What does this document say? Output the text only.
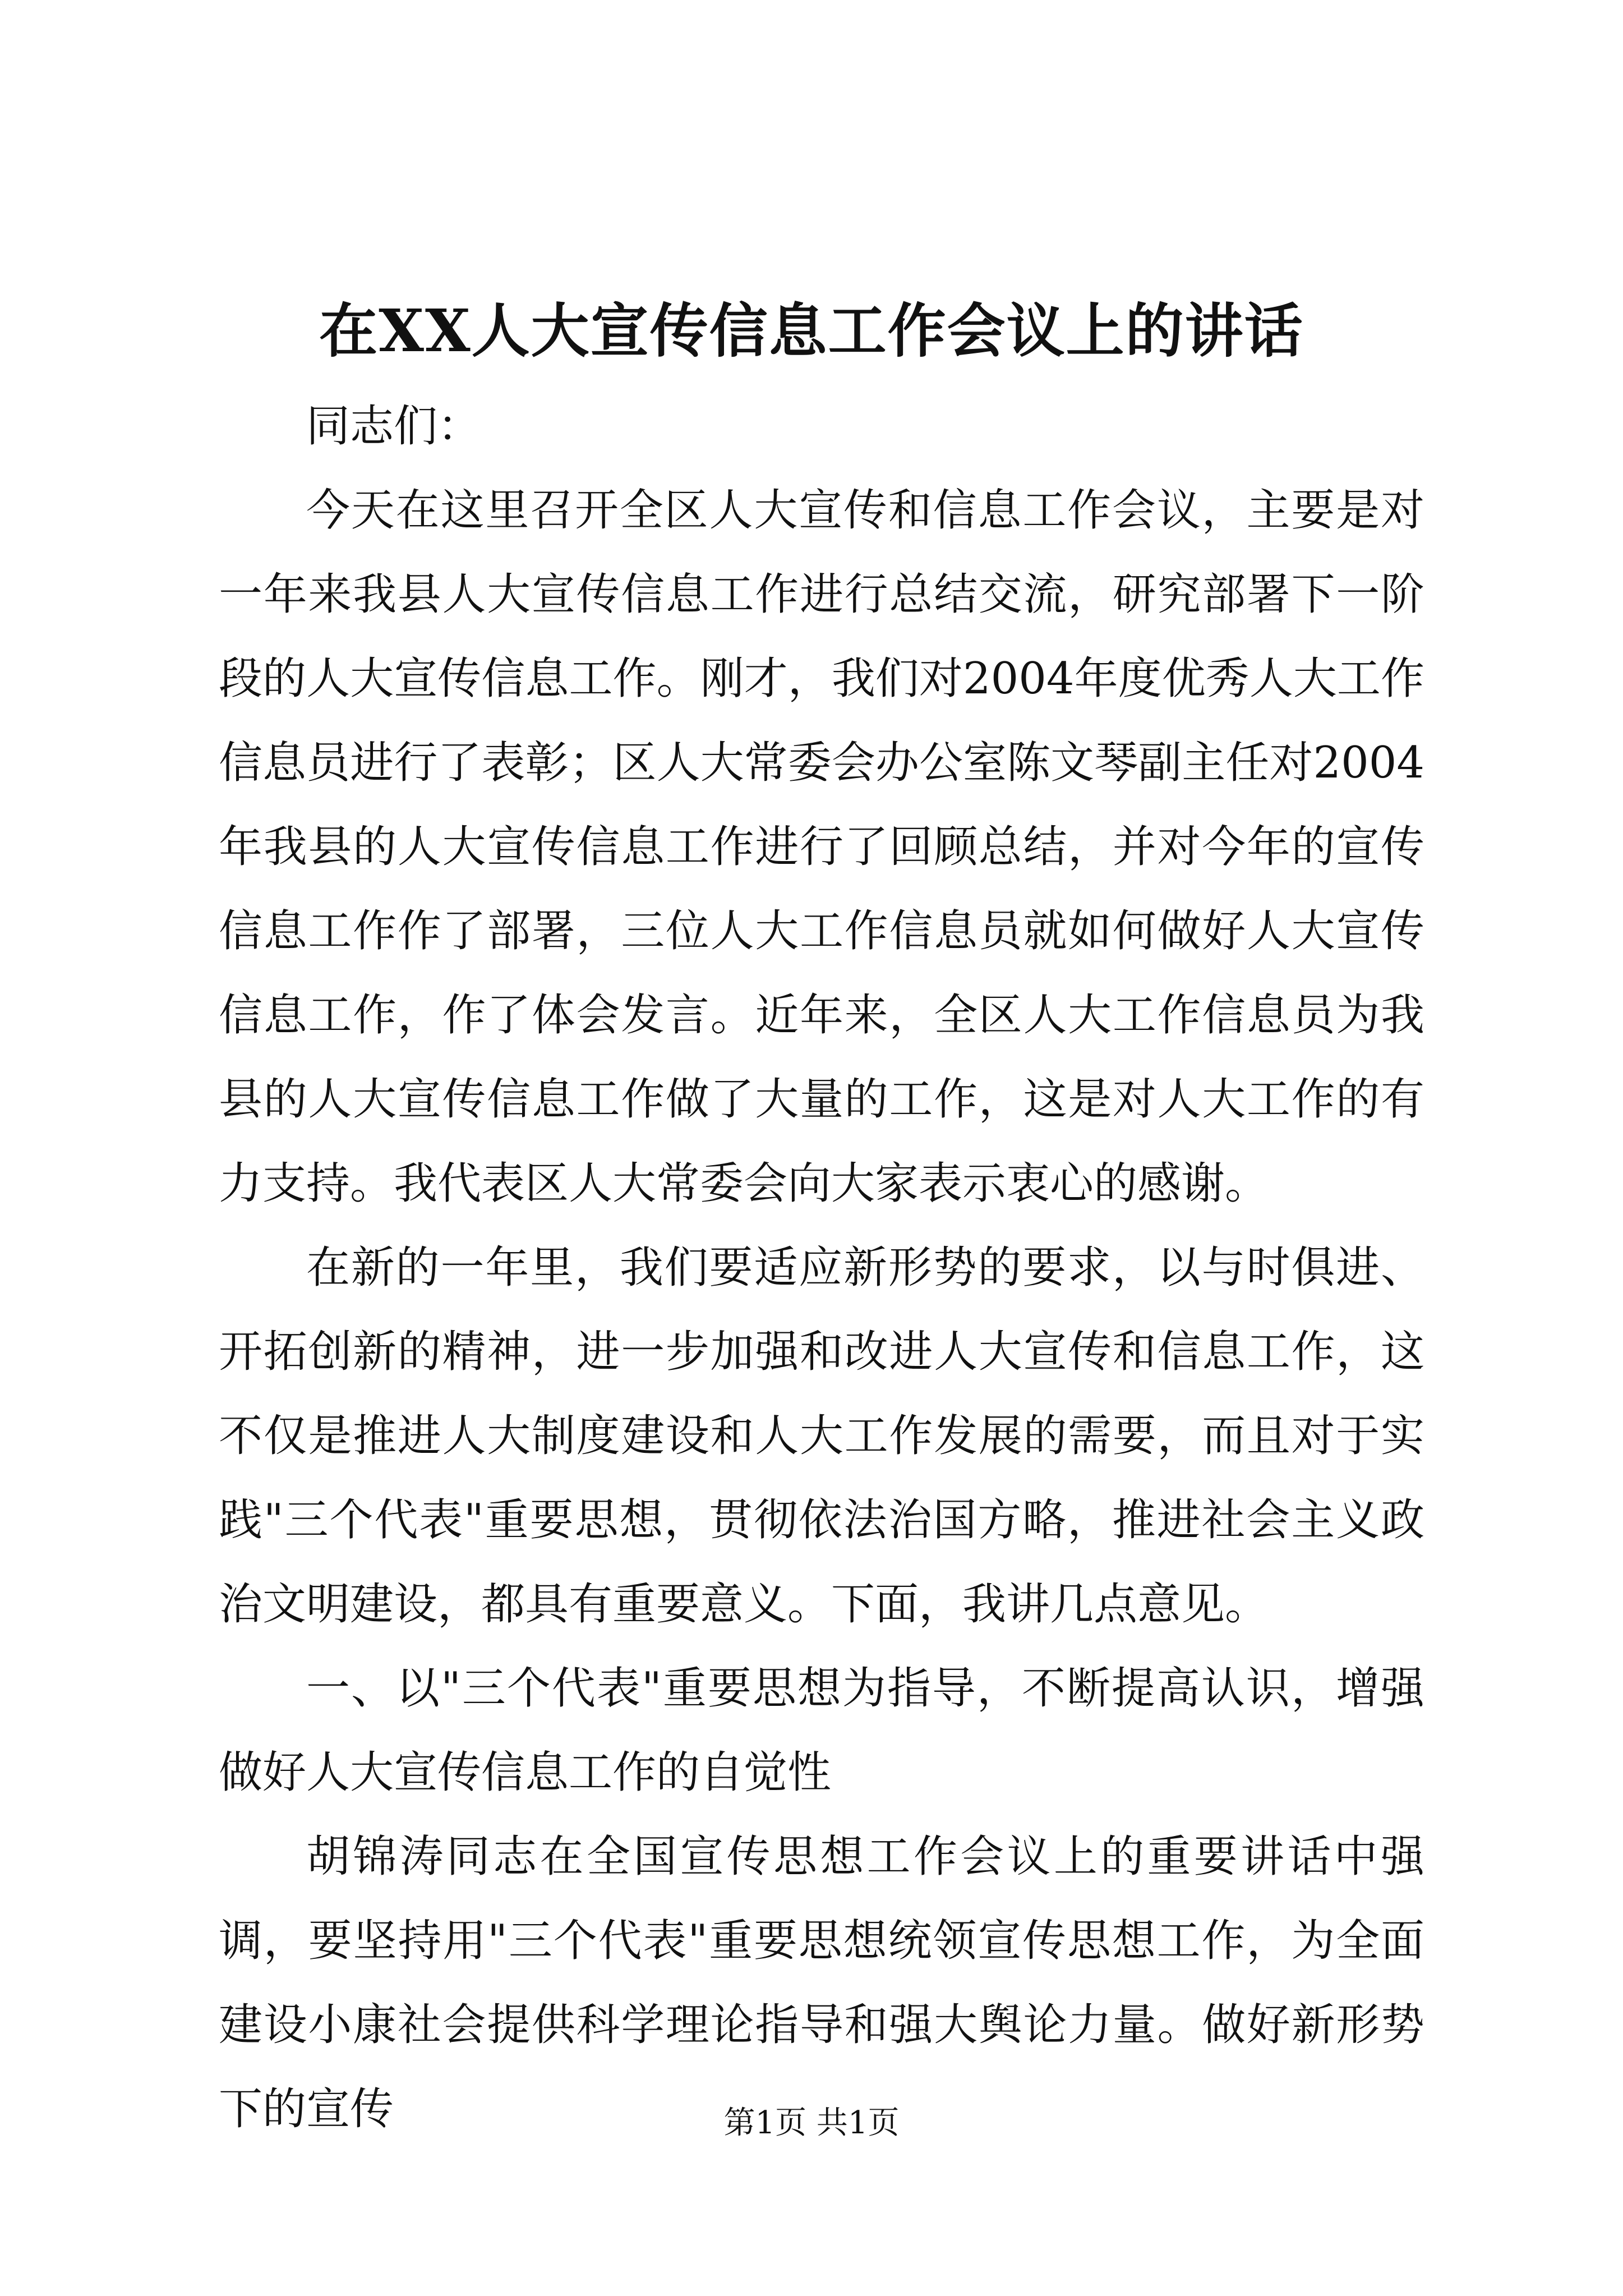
在XX人大宣传信息工作会议上的讲话

同志们：

今天在这里召开全区人大宣传和信息工作会议，主要是对一年来我县人大宣传信息工作进行总结交流，研究部署下一阶段的人大宣传信息工作。刚才，我们对2004年度优秀人大工作信息员进行了表彰；区人大常委会办公室陈文琴副主任对2004年我县的人大宣传信息工作进行了回顾总结，并对今年的宣传信息工作作了部署，三位人大工作信息员就如何做好人大宣传信息工作，作了体会发言。近年来，全区人大工作信息员为我县的人大宣传信息工作做了大量的工作，这是对人大工作的有力支持。我代表区人大常委会向大家表示衷心的感谢。

在新的一年里，我们要适应新形势的要求，以与时俱进、开拓创新的精神，进一步加强和改进人大宣传和信息工作，这不仅是推进人大制度建设和人大工作发展的需要，而且对于实践"三个代表"重要思想，贯彻依法治国方略，推进社会主义政治文明建设，都具有重要意义。下面，我讲几点意见。

一、以"三个代表"重要思想为指导，不断提高认识，增强做好人大宣传信息工作的自觉性

胡锦涛同志在全国宣传思想工作会议上的重要讲话中强调，要坚持用"三个代表"重要思想统领宣传思想工作，为全面建设小康社会提供科学理论指导和强大舆论力量。做好新形势下的宣传	第1页 共1页
